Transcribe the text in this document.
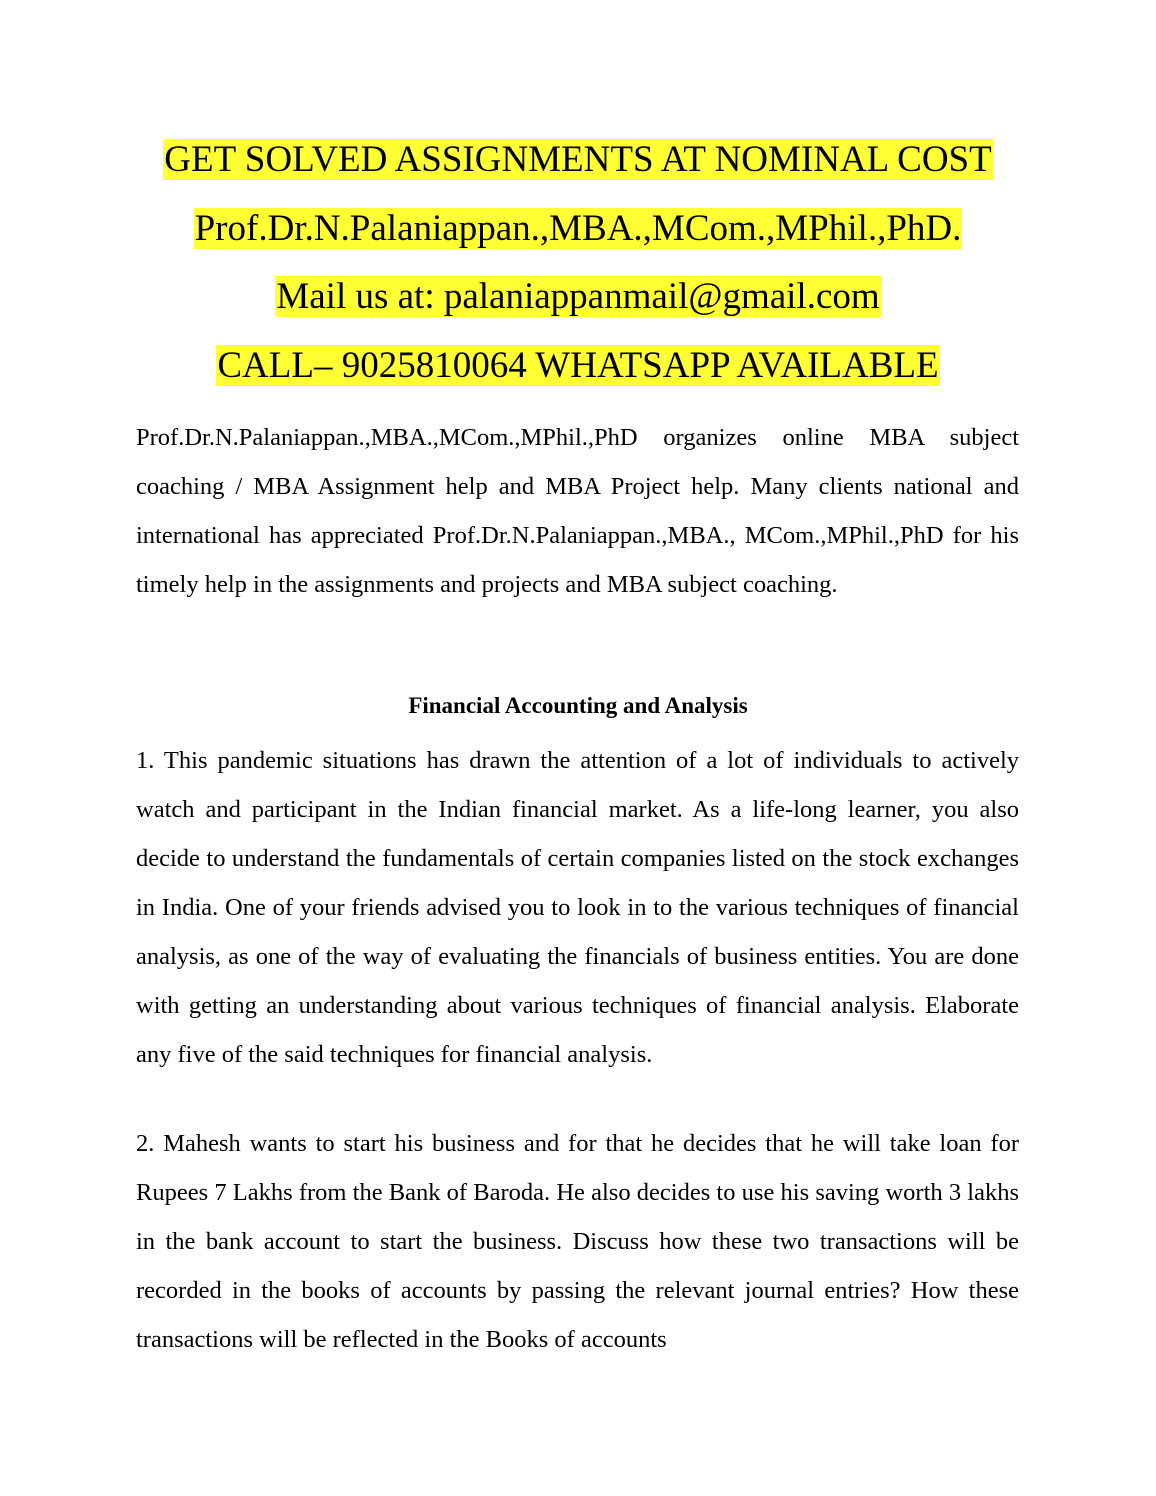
GET SOLVED ASSIGNMENTS AT NOMINAL COST
Prof.Dr.N.Palaniappan.,MBA.,MCom.,MPhil.,PhD.
Mail us at: palaniappanmail@gmail.com
CALL– 9025810064 WHATSAPP AVAILABLE

Prof.Dr.N.Palaniappan.,MBA.,MCom.,MPhil.,PhD organizes online MBA subject coaching / MBA Assignment help and MBA Project help. Many clients national and international has appreciated Prof.Dr.N.Palaniappan.,MBA., MCom.,MPhil.,PhD for his timely help in the assignments and projects and MBA subject coaching.

Financial Accounting and Analysis

1. This pandemic situations has drawn the attention of a lot of individuals to actively watch and participant in the Indian financial market. As a life-long learner, you also decide to understand the fundamentals of certain companies listed on the stock exchanges in India. One of your friends advised you to look in to the various techniques of financial analysis, as one of the way of evaluating the financials of business entities. You are done with getting an understanding about various techniques of financial analysis. Elaborate any five of the said techniques for financial analysis.

2. Mahesh wants to start his business and for that he decides that he will take loan for Rupees 7 Lakhs from the Bank of Baroda. He also decides to use his saving worth 3 lakhs in the bank account to start the business. Discuss how these two transactions will be recorded in the books of accounts by passing the relevant journal entries? How these transactions will be reflected in the Books of accounts
